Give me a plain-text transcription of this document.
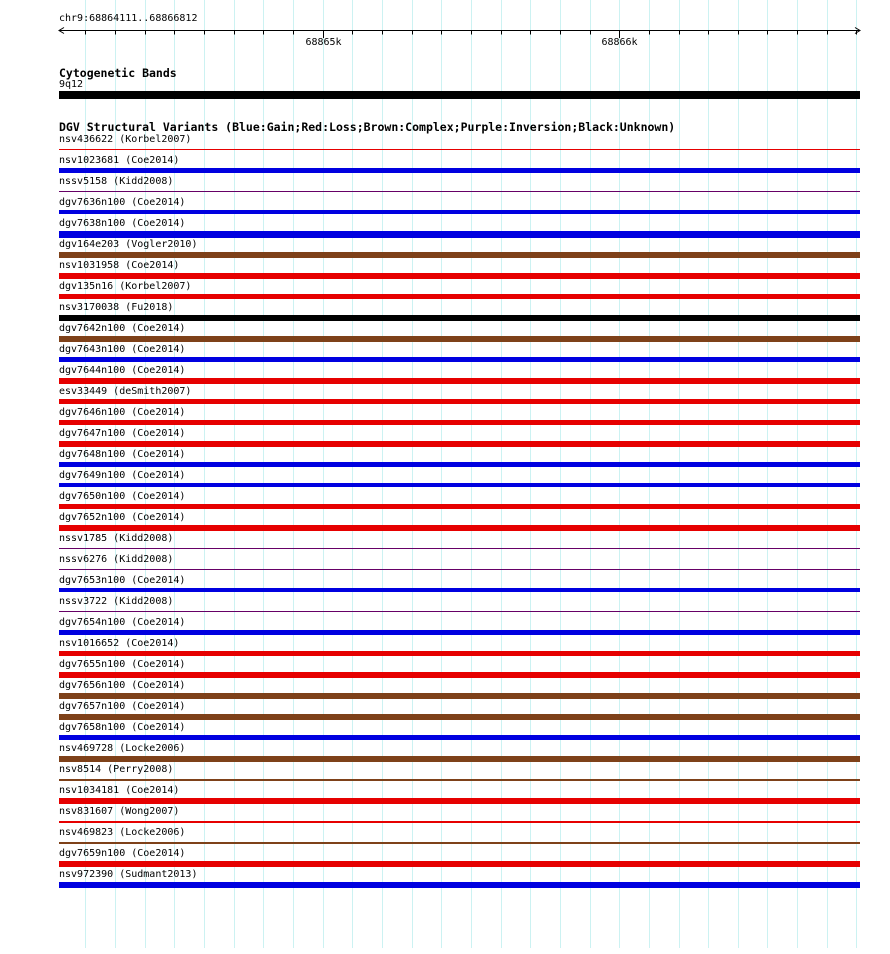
chr9:68864111..68866812
68865k	68866k
Cytogenetic Bands
9q12
DGV Structural Variants (Blue:Gain;Red:Loss;Brown:Complex;Purple:Inversion;Black:Unknown)
nsv436622 (Korbel2007)
nsv1023681 (Coe2014)
nssv5158 (Kidd2008)
dgv7636n100 (Coe2014)
dgv7638n100 (Coe2014)
dgv164e203 (Vogler2010)
nsv1031958 (Coe2014)
dgv135n16 (Korbel2007)
nsv3170038 (Fu2018)
dgv7642n100 (Coe2014)
dgv7643n100 (Coe2014)
dgv7644n100 (Coe2014)
esv33449 (deSmith2007)
dgv7646n100 (Coe2014)
dgv7647n100 (Coe2014)
dgv7648n100 (Coe2014)
dgv7649n100 (Coe2014)
dgv7650n100 (Coe2014)
dgv7652n100 (Coe2014)
nssv1785 (Kidd2008)
nssv6276 (Kidd2008)
dgv7653n100 (Coe2014)
nssv3722 (Kidd2008)
dgv7654n100 (Coe2014)
nsv1016652 (Coe2014)
dgv7655n100 (Coe2014)
dgv7656n100 (Coe2014)
dgv7657n100 (Coe2014)
dgv7658n100 (Coe2014)
nsv469728 (Locke2006)
nsv8514 (Perry2008)
nsv1034181 (Coe2014)
nsv831607 (Wong2007)
nsv469823 (Locke2006)
dgv7659n100 (Coe2014)
nsv972390 (Sudmant2013)
